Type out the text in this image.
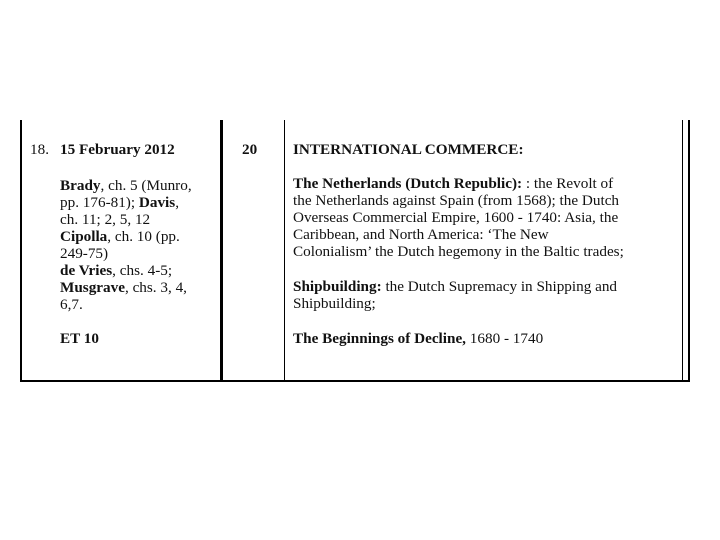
18. 15 February 2012
Brady, ch. 5 (Munro,
pp. 176-81); Davis,
ch. 11; 2, 5, 12
Cipolla, ch. 10 (pp.
249-75)
de Vries, chs. 4-5;
Musgrave, chs. 3, 4,
6,7.
ET 10
20 INTERNATIONAL COMMERCE:
The Netherlands (Dutch Republic): : the Revolt of
the Netherlands against Spain (from 1568); the Dutch
Overseas Commercial Empire, 1600 - 1740: Asia, the
Caribbean, and North America: ‘The New
Colonialism’ the Dutch hegemony in the Baltic trades;
Shipbuilding: the Dutch Supremacy in Shipping and
Shipbuilding;
The Beginnings of Decline, 1680 - 1740
